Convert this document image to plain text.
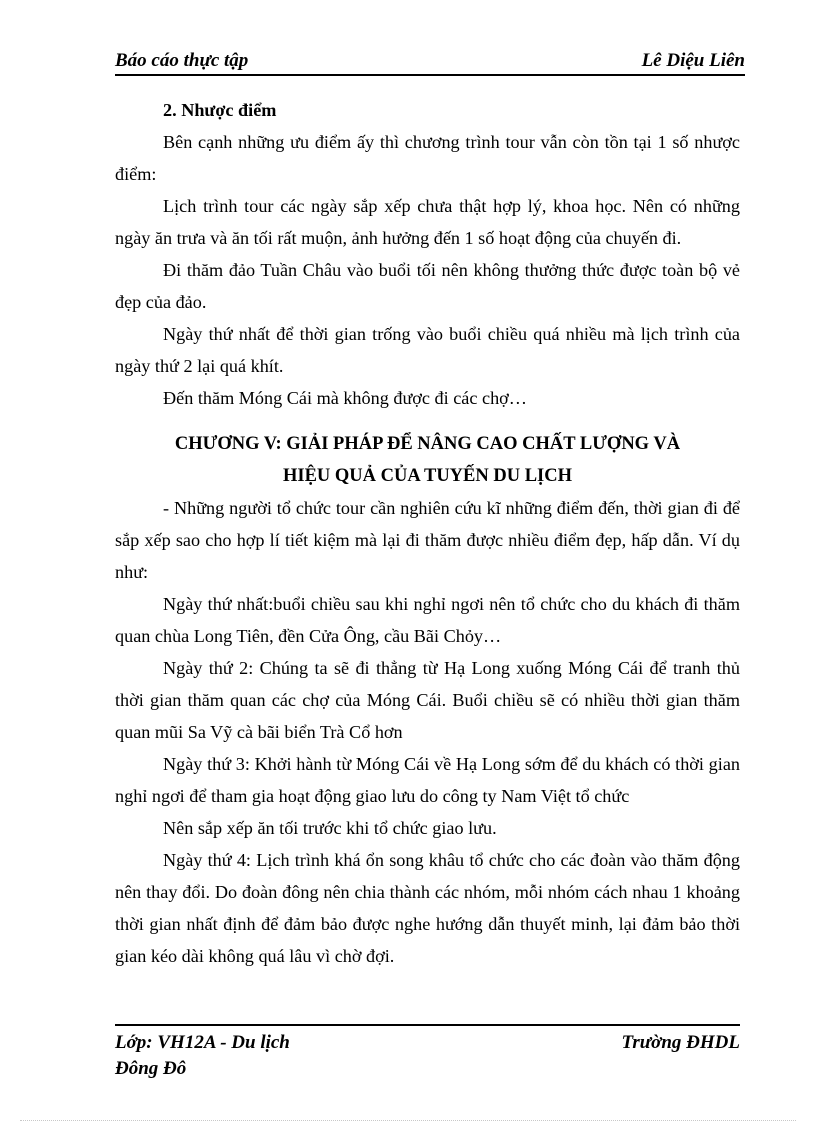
Báo cáo thực tập	Lê Diệu Liên
2. Nhược điểm

Bên cạnh những ưu điểm ấy thì chương trình tour vẫn còn tồn tại 1 số nhược điểm:

Lịch trình tour các ngày sắp xếp chưa thật hợp lý, khoa học. Nên có những ngày ăn trưa và ăn tối rất muộn, ảnh hưởng đến 1 số hoạt động của chuyến đi.

Đi thăm đảo Tuần Châu vào buổi tối nên không thưởng thức được toàn bộ vẻ đẹp của đảo.

Ngày thứ nhất để thời gian trống vào buổi chiều quá nhiều mà lịch trình của ngày thứ 2 lại quá khít.

Đến thăm Móng Cái mà không được đi các chợ…

CHƯƠNG V: GIẢI PHÁP ĐỂ NÂNG CAO CHẤT LƯỢNG VÀ
HIỆU QUẢ CỦA TUYẾN DU LỊCH

- Những người tổ chức tour cần nghiên cứu kĩ những điểm đến, thời gian đi để sắp xếp sao cho hợp lí tiết kiệm mà lại đi thăm được nhiều điểm đẹp, hấp dẫn. Ví dụ như:

Ngày thứ nhất:buổi chiều sau khi nghỉ ngơi nên tổ chức cho du khách đi thăm quan chùa Long Tiên, đền Cửa Ông, cầu Bãi Chỏy…

Ngày thứ 2: Chúng ta sẽ đi thẳng từ Hạ Long xuống Móng Cái để tranh thủ thời gian thăm quan các chợ của Móng Cái. Buổi chiều sẽ có nhiều thời gian thăm quan mũi Sa Vỹ cà bãi biển Trà Cổ hơn

Ngày thứ 3: Khởi hành từ Móng Cái về Hạ Long sớm để du khách có thời gian nghỉ ngơi để tham gia hoạt động giao lưu do công ty Nam Việt tổ chức

Nên sắp xếp ăn tối trước khi tổ chức giao lưu.

Ngày thứ 4: Lịch trình khá ổn song khâu tổ chức cho các đoàn vào thăm động nên thay đổi. Do đoàn đông nên chia thành các nhóm, mỗi nhóm cách nhau 1 khoảng thời gian nhất định để đảm bảo được nghe hướng dẫn thuyết minh, lại đảm bảo thời gian kéo dài không quá lâu vì chờ đợi.

Lớp: VH12A - Du lịch
Đông Đô
Trường ĐHDL
